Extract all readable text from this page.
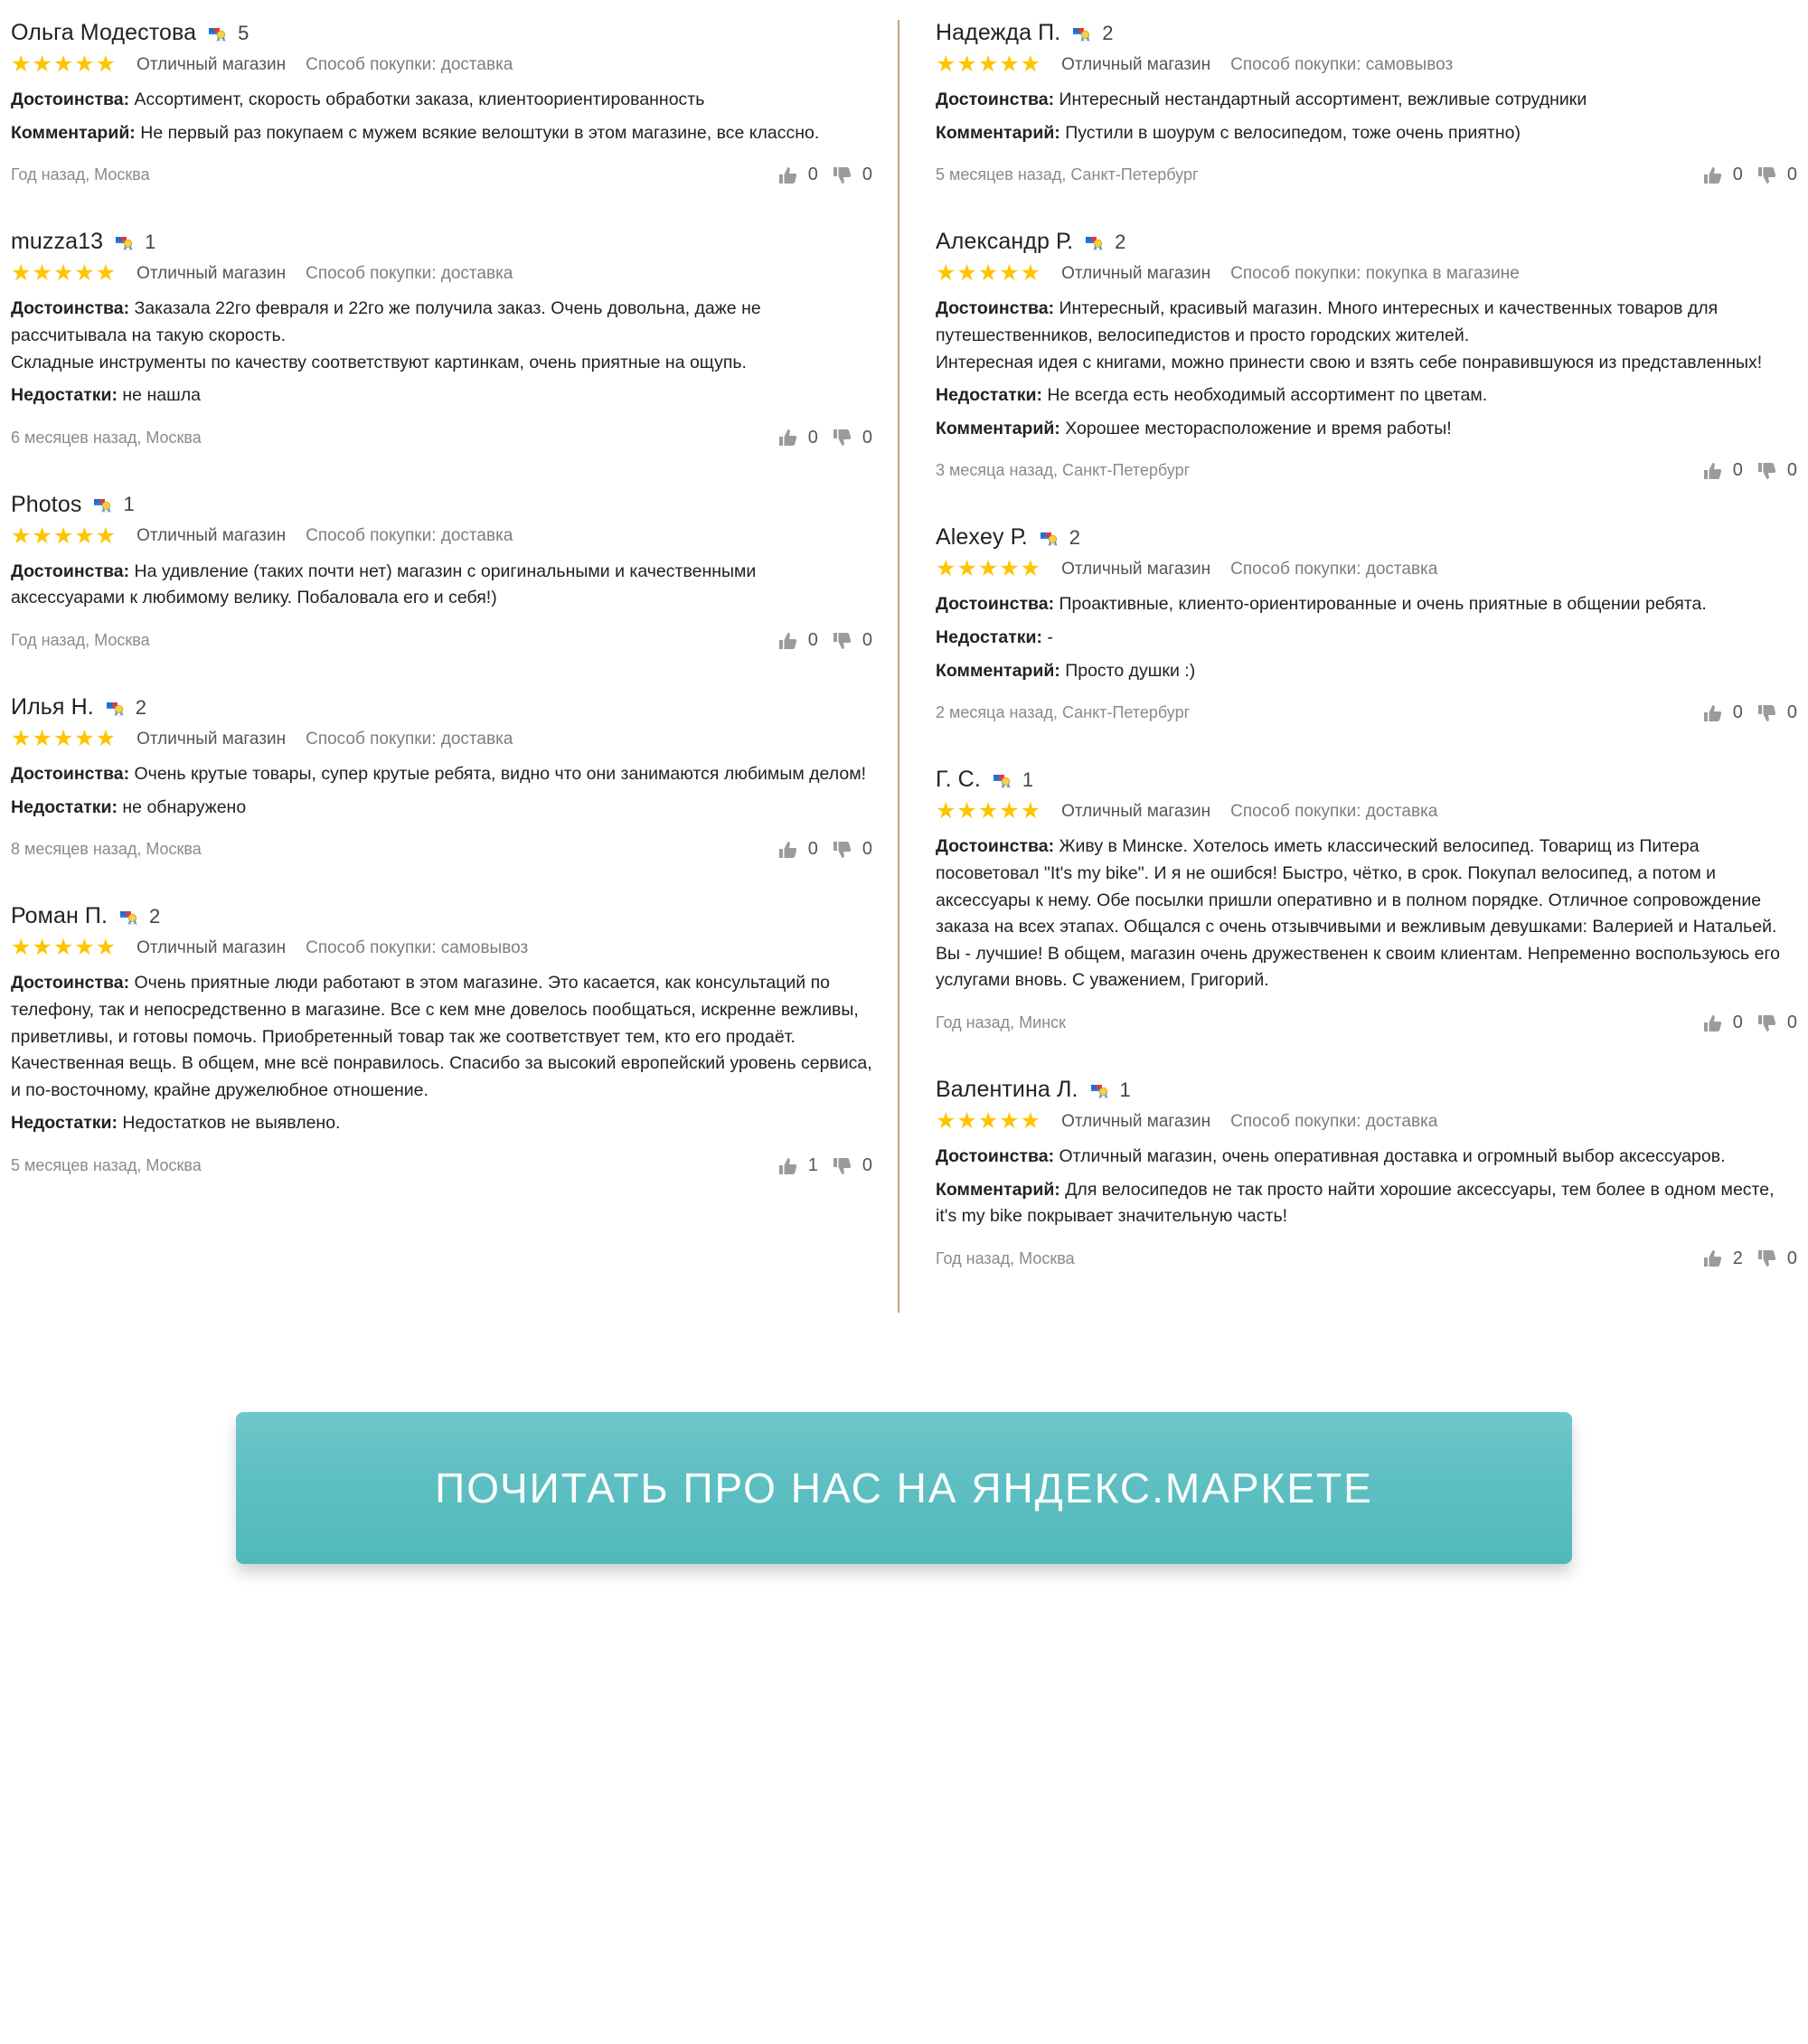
Ольга Модестова 5
★★★★★ Отличный магазин Способ покупки: доставка

Достоинства: Ассортимент, скорость обработки заказа, клиентоориентированность

Комментарий: Не первый раз покупаем с мужем всякие велоштуки в этом магазине, все классно.

Год назад, Москва	0 0
muzza13 1
★★★★★ Отличный магазин Способ покупки: доставка

Достоинства: Заказала 22го февраля и 22го же получила заказ. Очень довольна, даже не рассчитывала на такую скорость.
Складные инструменты по качеству соответствуют картинкам, очень приятные на ощупь.

Недостатки: не нашла

6 месяцев назад, Москва	0 0
Photos 1
★★★★★ Отличный магазин Способ покупки: доставка

Достоинства: На удивление (таких почти нет) магазин с оригинальными и качественными аксессуарами к любимому велику. Побаловала его и себя!)

Год назад, Москва	0 0
Илья Н. 2
★★★★★ Отличный магазин Способ покупки: доставка

Достоинства: Очень крутые товары, супер крутые ребята, видно что они занимаются любимым делом!

Недостатки: не обнаружено

8 месяцев назад, Москва	0 0
Роман П. 2
★★★★★ Отличный магазин Способ покупки: самовывоз

Достоинства: Очень приятные люди работают в этом магазине. Это касается, как консультаций по телефону, так и непосредственно в магазине. Все с кем мне довелось пообщаться, искренне вежливы, приветливы, и готовы помочь. Приобретенный товар так же соответствует тем, кто его продаёт. Качественная вещь. В общем, мне всё понравилось. Спасибо за высокий европейский уровень сервиса, и по-восточному, крайне дружелюбное отношение.

Недостатки: Недостатков не выявлено.

5 месяцев назад, Москва	1 0
Надежда П. 2
★★★★★ Отличный магазин Способ покупки: самовывоз

Достоинства: Интересный нестандартный ассортимент, вежливые сотрудники

Комментарий: Пустили в шоурум с велосипедом, тоже очень приятно)

5 месяцев назад, Санкт-Петербург	0 0
Александр Р. 2
★★★★★ Отличный магазин Способ покупки: покупка в магазине

Достоинства: Интересный, красивый магазин. Много интересных и качественных товаров для путешественников, велосипедистов и просто городских жителей.
Интересная идея с книгами, можно принести свою и взять себе понравившуюся из представленных!

Недостатки: Не всегда есть необходимый ассортимент по цветам.

Комментарий: Хорошее месторасположение и время работы!

3 месяца назад, Санкт-Петербург	0 0
Alexey Р. 2
★★★★★ Отличный магазин Способ покупки: доставка

Достоинства: Проактивные, клиенто-ориентированные и очень приятные в общении ребята.

Недостатки: -

Комментарий: Просто душки :)

2 месяца назад, Санкт-Петербург	0 0
Г. С. 1
★★★★★ Отличный магазин Способ покупки: доставка

Достоинства: Живу в Минске. Хотелось иметь классический велосипед. Товарищ из Питера посоветовал "It's my bike". И я не ошибся! Быстро, чётко, в срок. Покупал велосипед, а потом и аксессуары к нему. Обе посылки пришли оперативно и в полном порядке. Отличное сопровождение заказа на всех этапах. Общался с очень отзывчивыми и вежливым девушками: Валерией и Натальей. Вы - лучшие! В общем, магазин очень дружественен к своим клиентам. Непременно воспользуюсь его услугами вновь. С уважением, Григорий.

Год назад, Минск	0 0
Валентина Л. 1
★★★★★ Отличный магазин Способ покупки: доставка

Достоинства: Отличный магазин, очень оперативная доставка и огромный выбор аксессуаров.

Комментарий: Для велосипедов не так просто найти хорошие аксессуары, тем более в одном месте, it's my bike покрывает значительную часть!

Год назад, Москва	2 0
ПОЧИТАТЬ ПРО НАС НА ЯНДЕКС.МАРКЕТЕ
